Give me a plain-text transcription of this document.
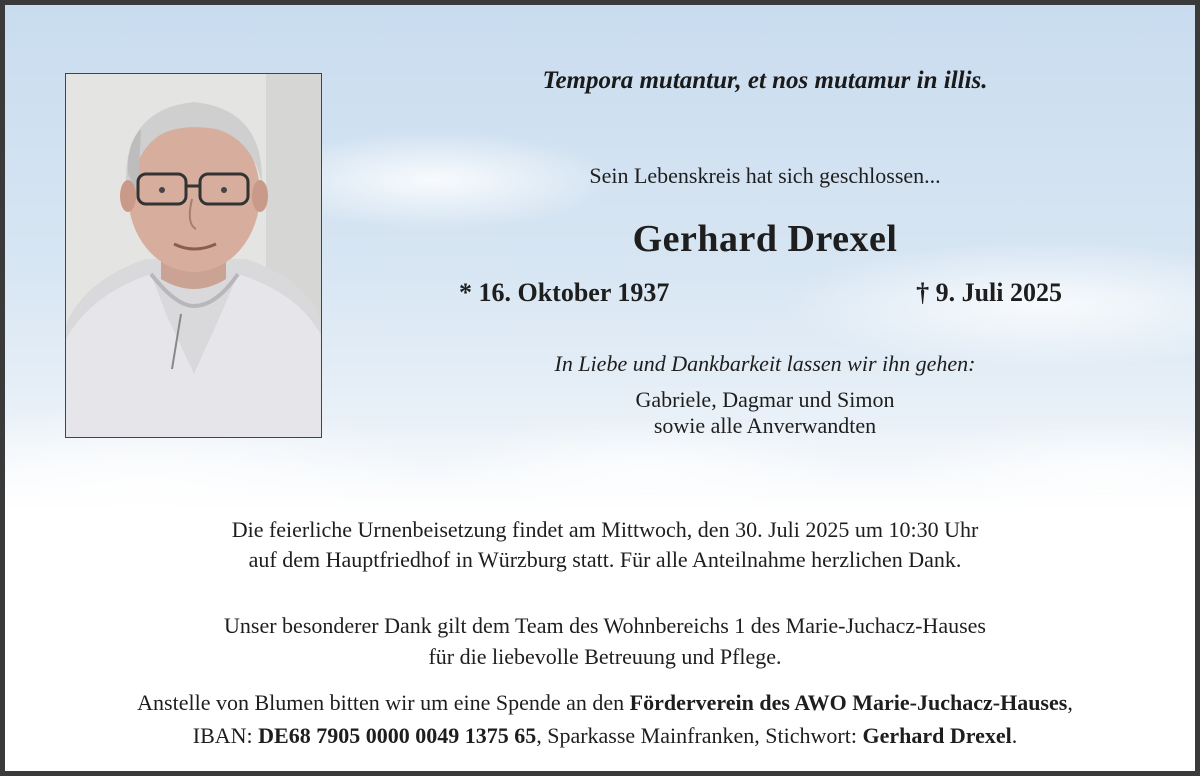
Tempora mutantur, et nos mutamur in illis.
Sein Lebenskreis hat sich geschlossen...
Gerhard Drexel
* 16. Oktober 1937	† 9. Juli 2025
In Liebe und Dankbarkeit lassen wir ihn gehen:
Gabriele, Dagmar und Simon
sowie alle Anverwandten
Die feierliche Urnenbeisetzung findet am Mittwoch, den 30. Juli 2025 um 10:30 Uhr
auf dem Hauptfriedhof in Würzburg statt. Für alle Anteilnahme herzlichen Dank.
Unser besonderer Dank gilt dem Team des Wohnbereichs 1 des Marie-Juchacz-Hauses
für die liebevolle Betreuung und Pflege.
Anstelle von Blumen bitten wir um eine Spende an den Förderverein des AWO Marie-Juchacz-Hauses,
IBAN: DE68 7905 0000 0049 1375 65, Sparkasse Mainfranken, Stichwort: Gerhard Drexel.
